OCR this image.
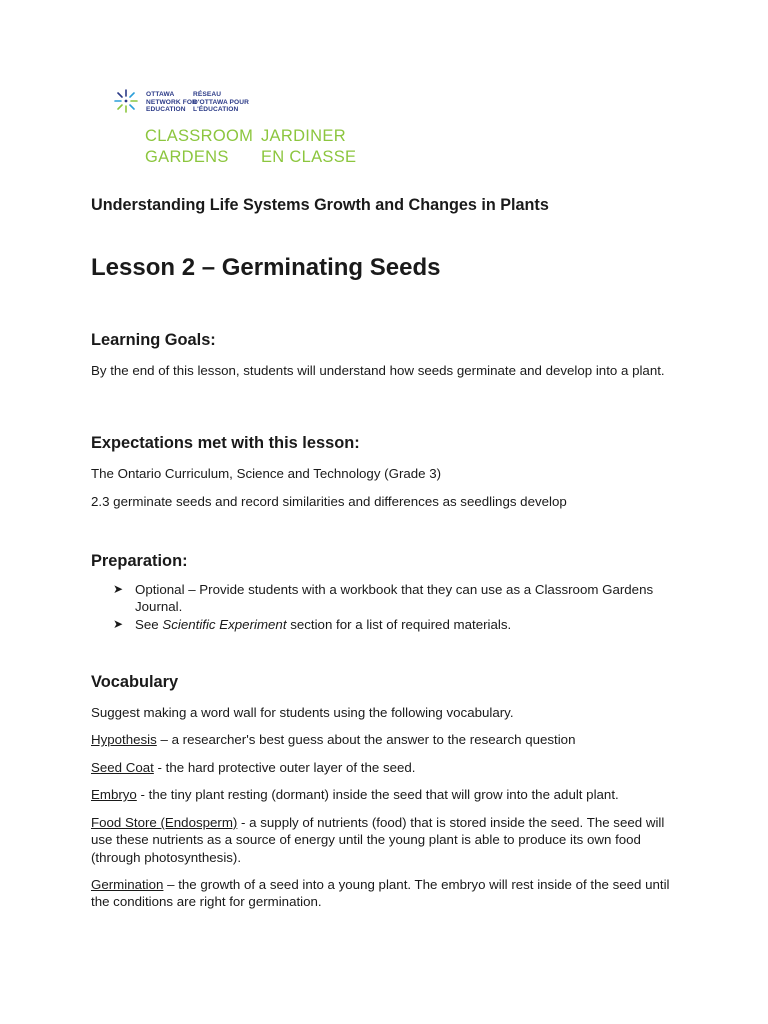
OTTAWA
NETWORK FOR
EDUCATION
RÉSEAU
D'OTTAWA POUR
L'ÉDUCATION
CLASSROOM
GARDENS
JARDINER
EN CLASSE
Understanding Life Systems Growth and Changes in Plants
Lesson 2 – Germinating Seeds
Learning Goals:
By the end of this lesson, students will understand how seeds germinate and develop into a plant.
Expectations met with this lesson:
The Ontario Curriculum, Science and Technology (Grade 3)
2.3 germinate seeds and record similarities and differences as seedlings develop
Preparation:
Vocabulary
Suggest making a word wall for students using the following vocabulary.
Hypothesis – a researcher's best guess about the answer to the research question
Seed Coat - the hard protective outer layer of the seed.
Embryo - the tiny plant resting (dormant) inside the seed that will grow into the adult plant.
Food Store (Endosperm) - a supply of nutrients (food) that is stored inside the seed. The seed will use these nutrients as a source of energy until the young plant is able to produce its own food (through photosynthesis).
Germination – the growth of a seed into a young plant. The embryo will rest inside of the seed until the conditions are right for germination.
➤ Optional – Provide students with a workbook that they can use as a Classroom Gardens Journal.
➤ See Scientific Experiment section for a list of required materials.
